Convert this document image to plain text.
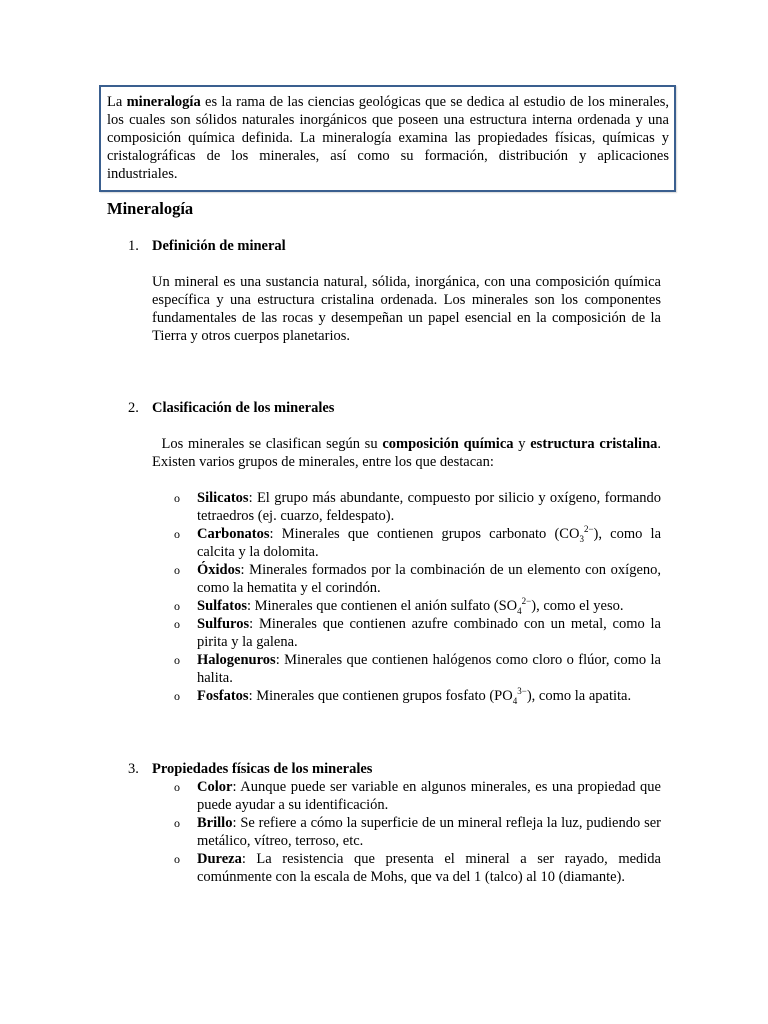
La mineralogía es la rama de las ciencias geológicas que se dedica al estudio de los minerales, los cuales son sólidos naturales inorgánicos que poseen una estructura interna ordenada y una composición química definida. La mineralogía examina las propiedades físicas, químicas y cristalográficas de los minerales, así como su formación, distribución y aplicaciones industriales.
Mineralogía
1. Definición de mineral
Un mineral es una sustancia natural, sólida, inorgánica, con una composición química específica y una estructura cristalina ordenada. Los minerales son los componentes fundamentales de las rocas y desempeñan un papel esencial en la composición de la Tierra y otros cuerpos planetarios.
2. Clasificación de los minerales
Los minerales se clasifican según su composición química y estructura cristalina. Existen varios grupos de minerales, entre los que destacan:
o Silicatos: El grupo más abundante, compuesto por silicio y oxígeno, formando tetraedros (ej. cuarzo, feldespato).
o Carbonatos: Minerales que contienen grupos carbonato $(CO_3^{2-})$, como la calcita y la dolomita.
o Óxidos: Minerales formados por la combinación de un elemento con oxígeno, como la hematita y el corindón.
o Sulfatos: Minerales que contienen el anión sulfato $(SO_4^{2-})$, como el yeso.
o Sulfuros: Minerales que contienen azufre combinado con un metal, como la pirita y la galena.
o Halogenuros: Minerales que contienen halógenos como cloro o flúor, como la halita.
o Fosfatos: Minerales que contienen grupos fosfato $(PO_4^{3-})$, como la apatita.
3. Propiedades físicas de los minerales
o Color: Aunque puede ser variable en algunos minerales, es una propiedad que puede ayudar a su identificación.
o Brillo: Se refiere a cómo la superficie de un mineral refleja la luz, pudiendo ser metálico, vítreo, terroso, etc.
o Dureza: La resistencia que presenta el mineral a ser rayado, medida comúnmente con la escala de Mohs, que va del 1 (talco) al 10 (diamante).
